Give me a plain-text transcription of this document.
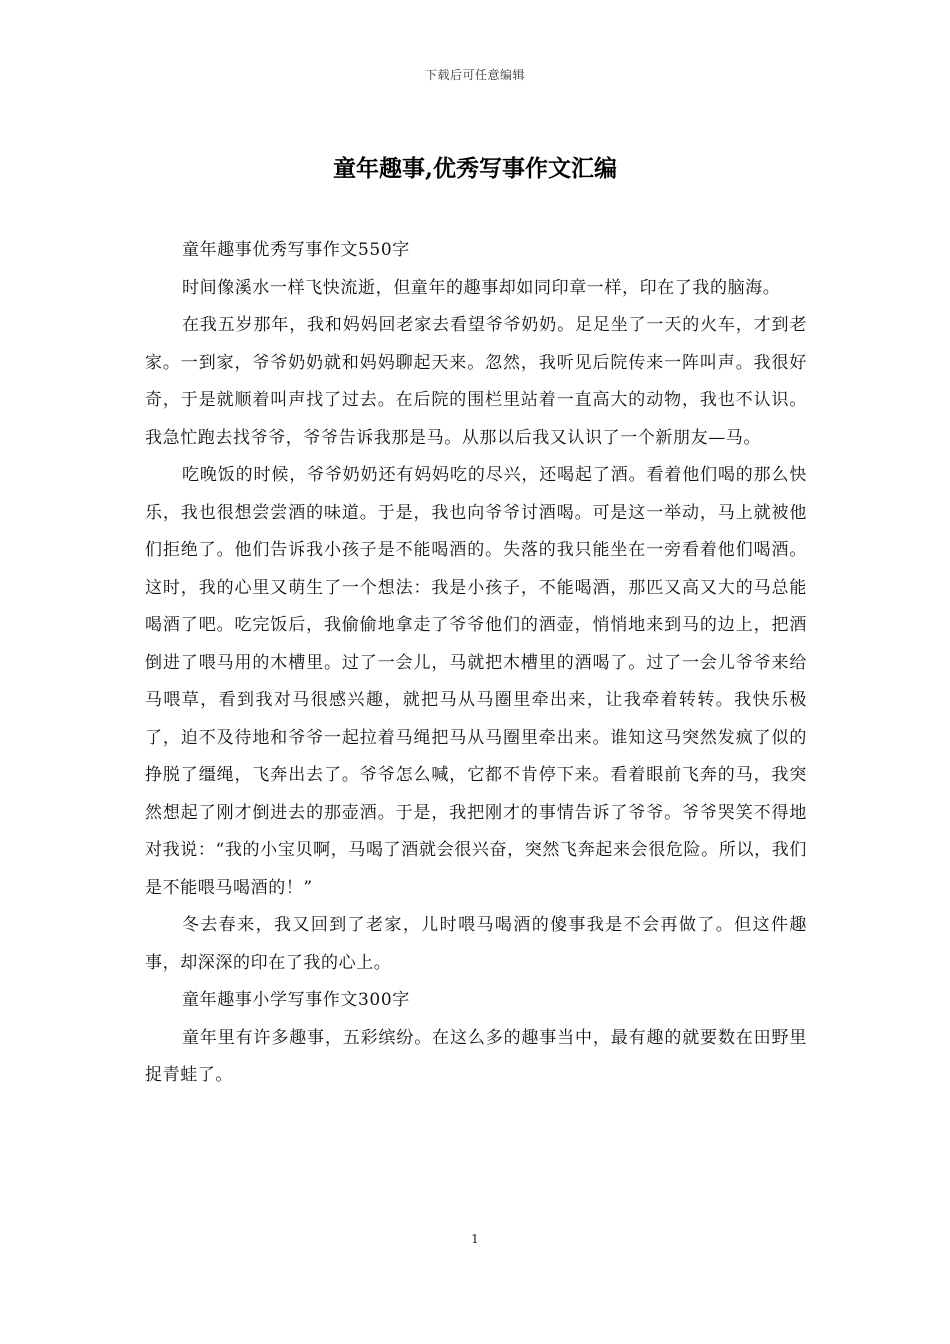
下载后可任意编辑
童年趣事,优秀写事作文汇编

童年趣事优秀写事作文550字

时间像溪水一样飞快流逝，但童年的趣事却如同印章一样，印在了我的脑海。

在我五岁那年，我和妈妈回老家去看望爷爷奶奶。足足坐了一天的火车，才到老家。一到家，爷爷奶奶就和妈妈聊起天来。忽然，我听见后院传来一阵叫声。我很好奇，于是就顺着叫声找了过去。在后院的围栏里站着一直高大的动物，我也不认识。我急忙跑去找爷爷，爷爷告诉我那是马。从那以后我又认识了一个新朋友—马。

吃晚饭的时候，爷爷奶奶还有妈妈吃的尽兴，还喝起了酒。看着他们喝的那么快乐，我也很想尝尝酒的味道。于是，我也向爷爷讨酒喝。可是这一举动，马上就被他们拒绝了。他们告诉我小孩子是不能喝酒的。失落的我只能坐在一旁看着他们喝酒。这时，我的心里又萌生了一个想法：我是小孩子，不能喝酒，那匹又高又大的马总能喝酒了吧。吃完饭后，我偷偷地拿走了爷爷他们的酒壶，悄悄地来到马的边上，把酒倒进了喂马用的木槽里。过了一会儿，马就把木槽里的酒喝了。过了一会儿爷爷来给马喂草，看到我对马很感兴趣，就把马从马圈里牵出来，让我牵着转转。我快乐极了，迫不及待地和爷爷一起拉着马绳把马从马圈里牵出来。谁知这马突然发疯了似的挣脱了缰绳，飞奔出去了。爷爷怎么喊，它都不肯停下来。看着眼前飞奔的马，我突然想起了刚才倒进去的那壶酒。于是，我把刚才的事情告诉了爷爷。爷爷哭笑不得地对我说：“我的小宝贝啊，马喝了酒就会很兴奋，突然飞奔起来会很危险。所以，我们是不能喂马喝酒的！”

冬去春来，我又回到了老家，儿时喂马喝酒的傻事我是不会再做了。但这件趣事，却深深的印在了我的心上。

童年趣事小学写事作文300字

童年里有许多趣事，五彩缤纷。在这么多的趣事当中，最有趣的就要数在田野里捉青蛙了。

1
